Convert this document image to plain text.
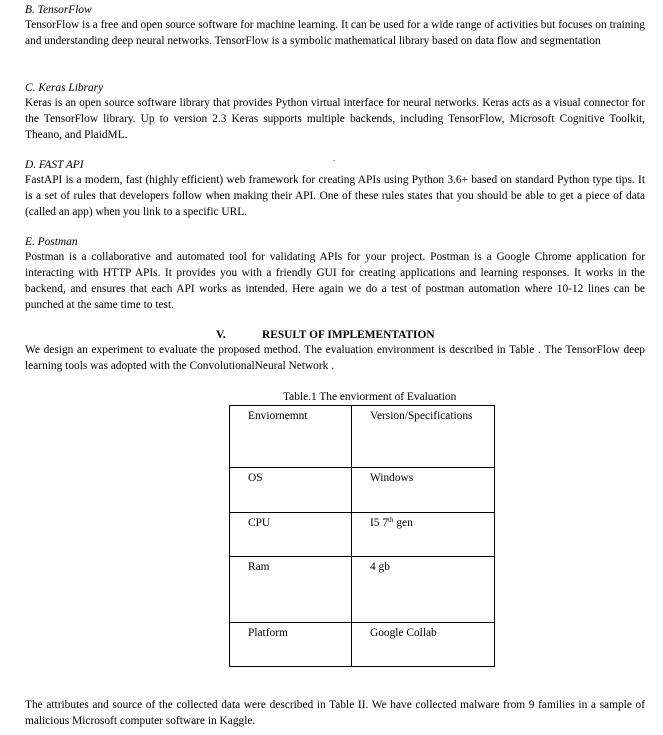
B. TensorFlow
TensorFlow is a free and open source software for machine learning. It can be used for a wide range of activities but focuses on training and understanding deep neural networks. TensorFlow is a symbolic mathematical library based on data flow and segmentation
C. Keras Library
Keras is an open source software library that provides Python virtual interface for neural networks. Keras acts as a visual connector for the TensorFlow library. Up to version 2.3 Keras supports multiple backends, including TensorFlow, Microsoft Cognitive Toolkit, Theano, and PlaidML.
.
D. FAST API
FastAPI is a modern, fast (highly efficient) web framework for creating APIs using Python 3.6+ based on standard Python type tips. It is a set of rules that developers follow when making their API. One of these rules states that you should be able to get a piece of data (called an app) when you link to a specific URL.
E. Postman
Postman is a collaborative and automated tool for validating APIs for your project. Postman is a Google Chrome application for interacting with HTTP APIs. It provides you with a friendly GUI for creating applications and learning responses. It works in the backend, and ensures that each API works as intended. Here again we do a test of postman automation where 10-12 lines can be punched at the same time to test.
V.	RESULT OF IMPLEMENTATION
We design an experiment to evaluate the proposed method. The evaluation environment is described in Table . The TensorFlow deep learning tools was adopted with the ConvolutionalNeural Network .
Table.1 The enviorment of Evaluation
Enviornemnt	Version/Specifications
OS	Windows
CPU	I5 7th gen
Ram	4 gb
Platform	Google Collab
The attributes and source of the collected data were described in Table II. We have collected malware from 9 families in a sample of malicious Microsoft computer software in Kaggle.
